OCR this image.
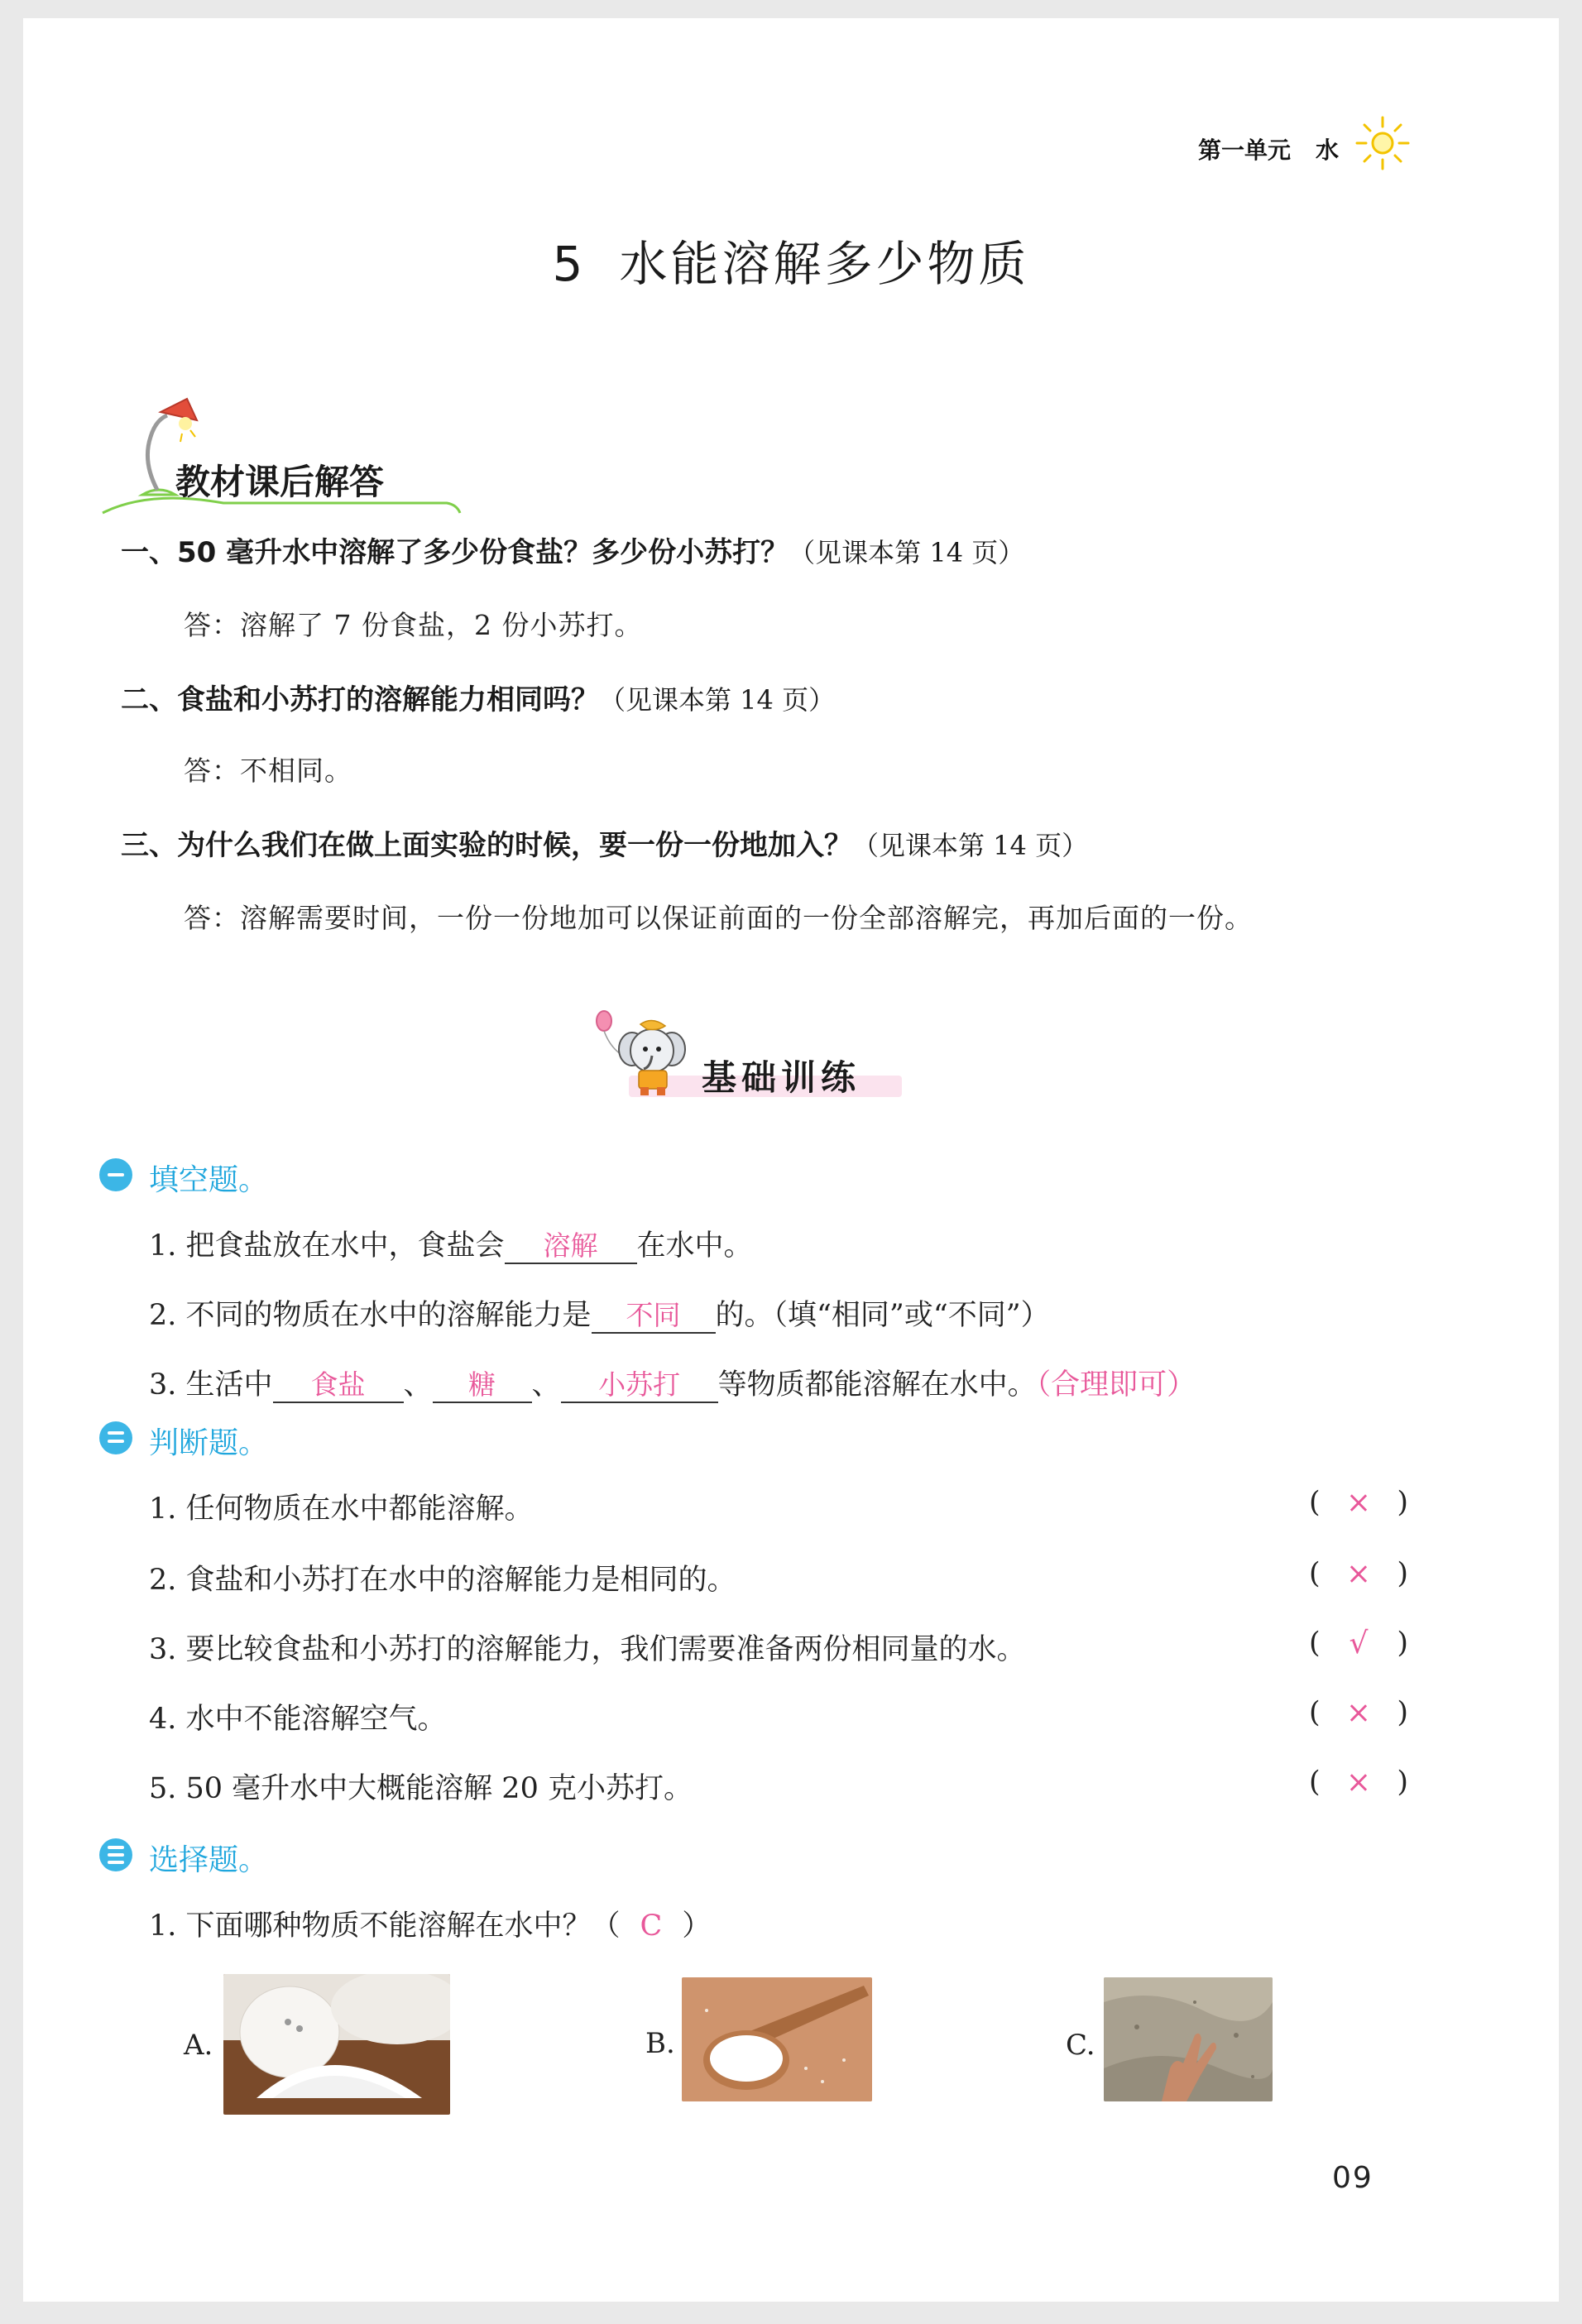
第一单元 水
5 水能溶解多少物质
教材课后解答
一、50 毫升水中溶解了多少份食盐？多少份小苏打？（见课本第 14 页）
答：溶解了 7 份食盐，2 份小苏打。
二、食盐和小苏打的溶解能力相同吗？（见课本第 14 页）
答：不相同。
三、为什么我们在做上面实验的时候，要一份一份地加入？（见课本第 14 页）
答：溶解需要时间，一份一份地加可以保证前面的一份全部溶解完，再加后面的一份。
基础训练
填空题。
1. 把食盐放在水中，食盐会 溶解 在水中。
2. 不同的物质在水中的溶解能力是 不同 的。（填“相同”或“不同”）
3. 生活中 食盐 、 糖 、 小苏打 等物质都能溶解在水中。（合理即可）
判断题。
1. 任何物质在水中都能溶解。	( × )
2. 食盐和小苏打在水中的溶解能力是相同的。	( × )
3. 要比较食盐和小苏打的溶解能力，我们需要准备两份相同量的水。	( √ )
4. 水中不能溶解空气。	( × )
5. 50 毫升水中大概能溶解 20 克小苏打。	( × )
选择题。
1. 下面哪种物质不能溶解在水中？（ C ）
A.	B.	C.
09
